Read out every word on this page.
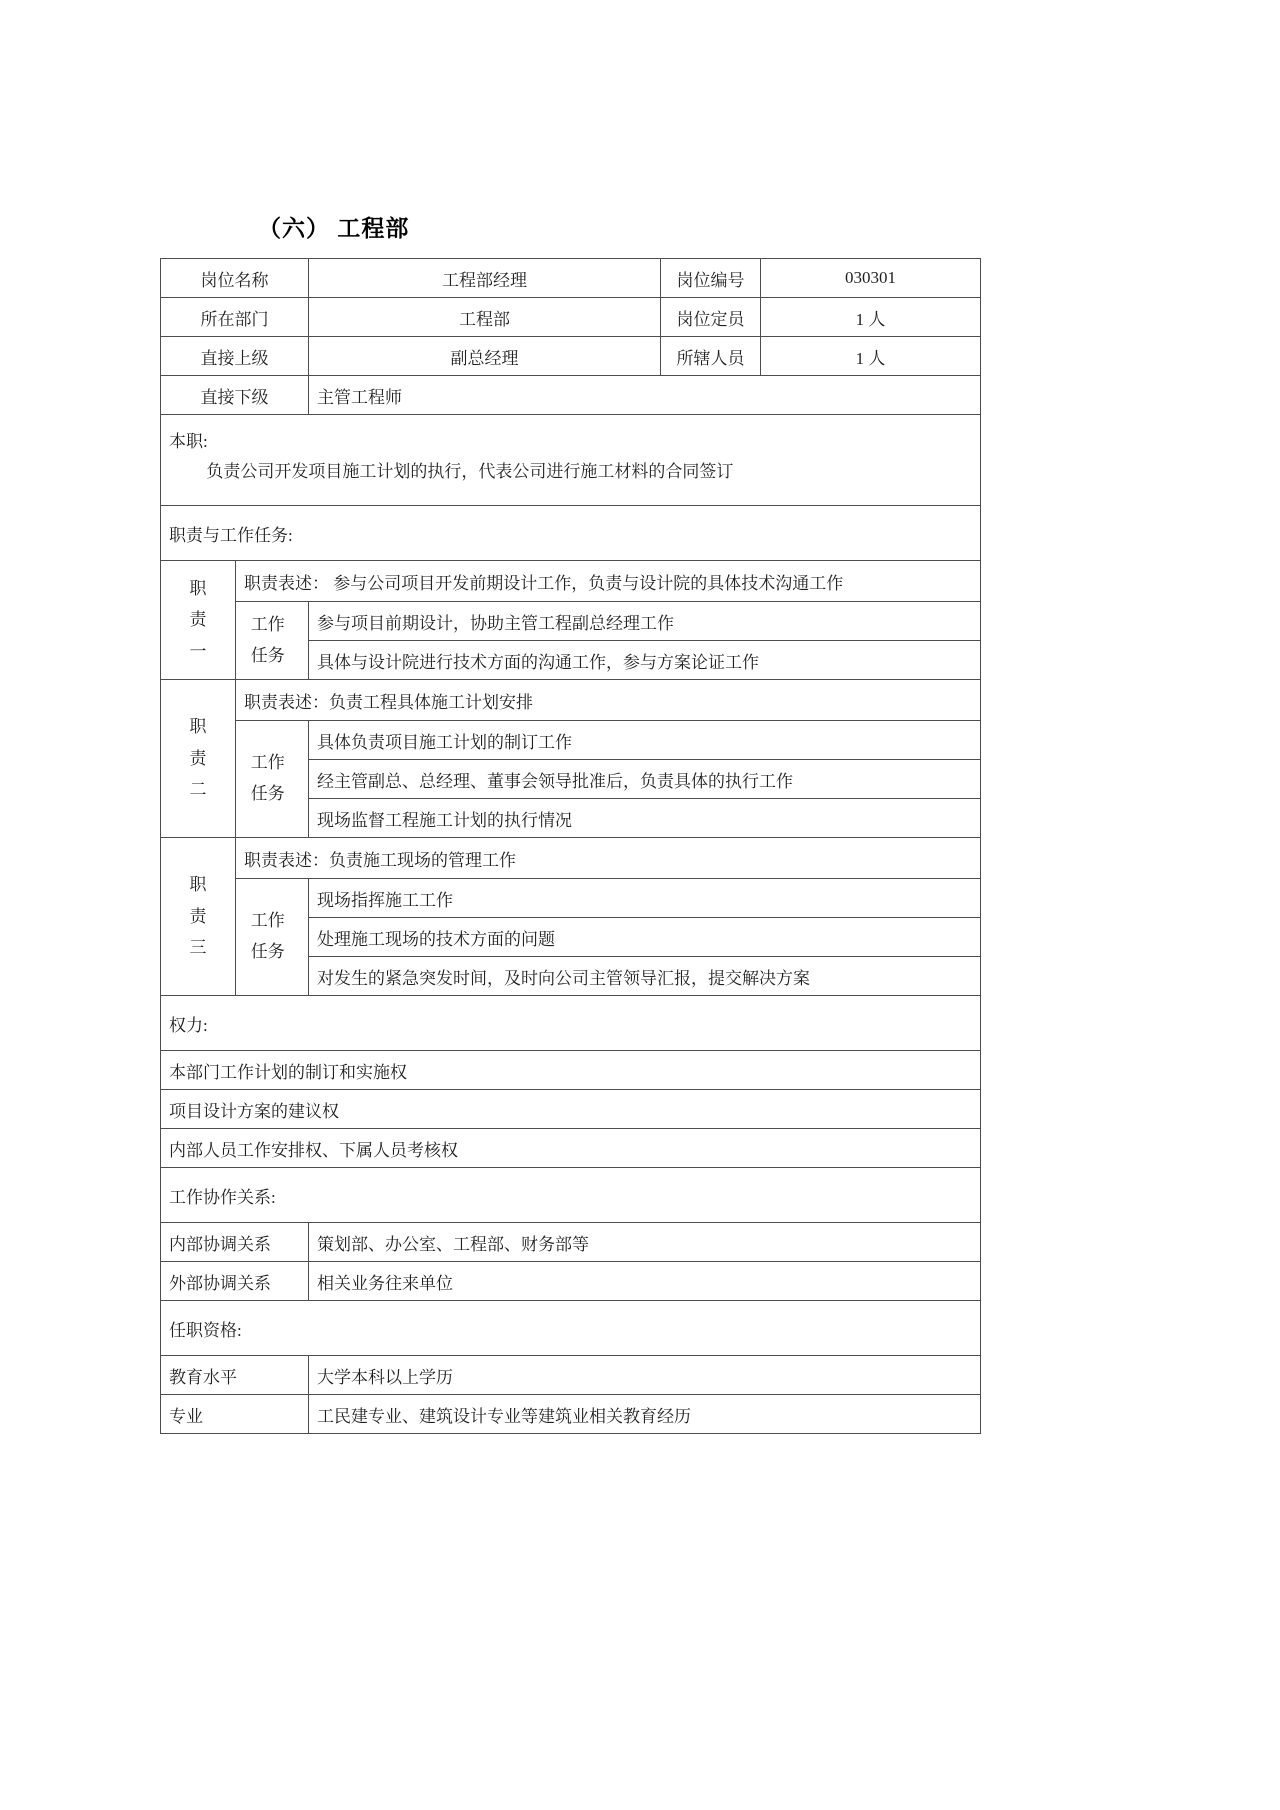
（六） 工程部
岗位名称		工程部经理	岗位编号	030301
所在部门		工程部	岗位定员	1 人
直接上级		副总经理	所辖人员	1 人
直接下级		主管工程师		

本职:
负责公司开发项目施工计划的执行，代表公司进行施工材料的合同签订				

职责与工作任务:				

职责一	职责表述： 参与公司项目开发前期设计工作，负责与设计院的具体技术沟通工作			

	工作任务	参与项目前期设计，协助主管工程副总经理工作		
		具体与设计院进行技术方面的沟通工作，参与方案论证工作		

职责二	职责表述：负责工程具体施工计划安排			

	工作任务	具体负责项目施工计划的制订工作		
		经主管副总、总经理、董事会领导批准后，负责具体的执行工作		
		现场监督工程施工计划的执行情况		

职责三	职责表述：负责施工现场的管理工作			

	工作任务	现场指挥施工工作		
		处理施工现场的技术方面的问题		
		对发生的紧急突发时间，及时向公司主管领导汇报，提交解决方案		
权力:				
本部门工作计划的制订和实施权				
项目设计方案的建议权				
内部人员工作安排权、下属人员考核权				
工作协作关系:				
内部协调关系		策划部、办公室、工程部、财务部等		
外部协调关系		相关业务往来单位		
任职资格:				
教育水平		大学本科以上学历		
专业		工民建专业、建筑设计专业等建筑业相关教育经历		
